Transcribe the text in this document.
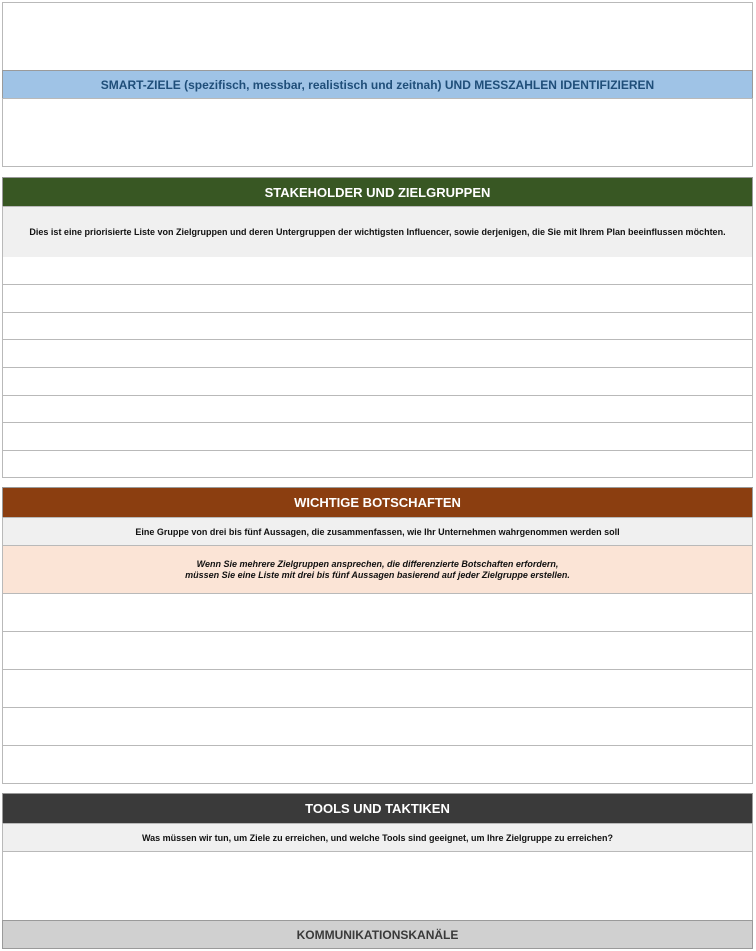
SMART-ZIELE (spezifisch, messbar, realistisch und zeitnah) UND MESSZAHLEN IDENTIFIZIEREN
STAKEHOLDER UND ZIELGRUPPEN
Dies ist eine priorisierte Liste von Zielgruppen und deren Untergruppen der wichtigsten Influencer, sowie derjenigen, die Sie mit Ihrem Plan beeinflussen möchten.
WICHTIGE BOTSCHAFTEN
Eine Gruppe von drei bis fünf Aussagen, die zusammenfassen, wie Ihr Unternehmen wahrgenommen werden soll
Wenn Sie mehrere Zielgruppen ansprechen, die differenzierte Botschaften erfordern,
müssen Sie eine Liste mit drei bis fünf Aussagen basierend auf jeder Zielgruppe erstellen.
TOOLS UND TAKTIKEN
Was müssen wir tun, um Ziele zu erreichen, und welche Tools sind geeignet, um Ihre Zielgruppe zu erreichen?
KOMMUNIKATIONSKANÄLE
